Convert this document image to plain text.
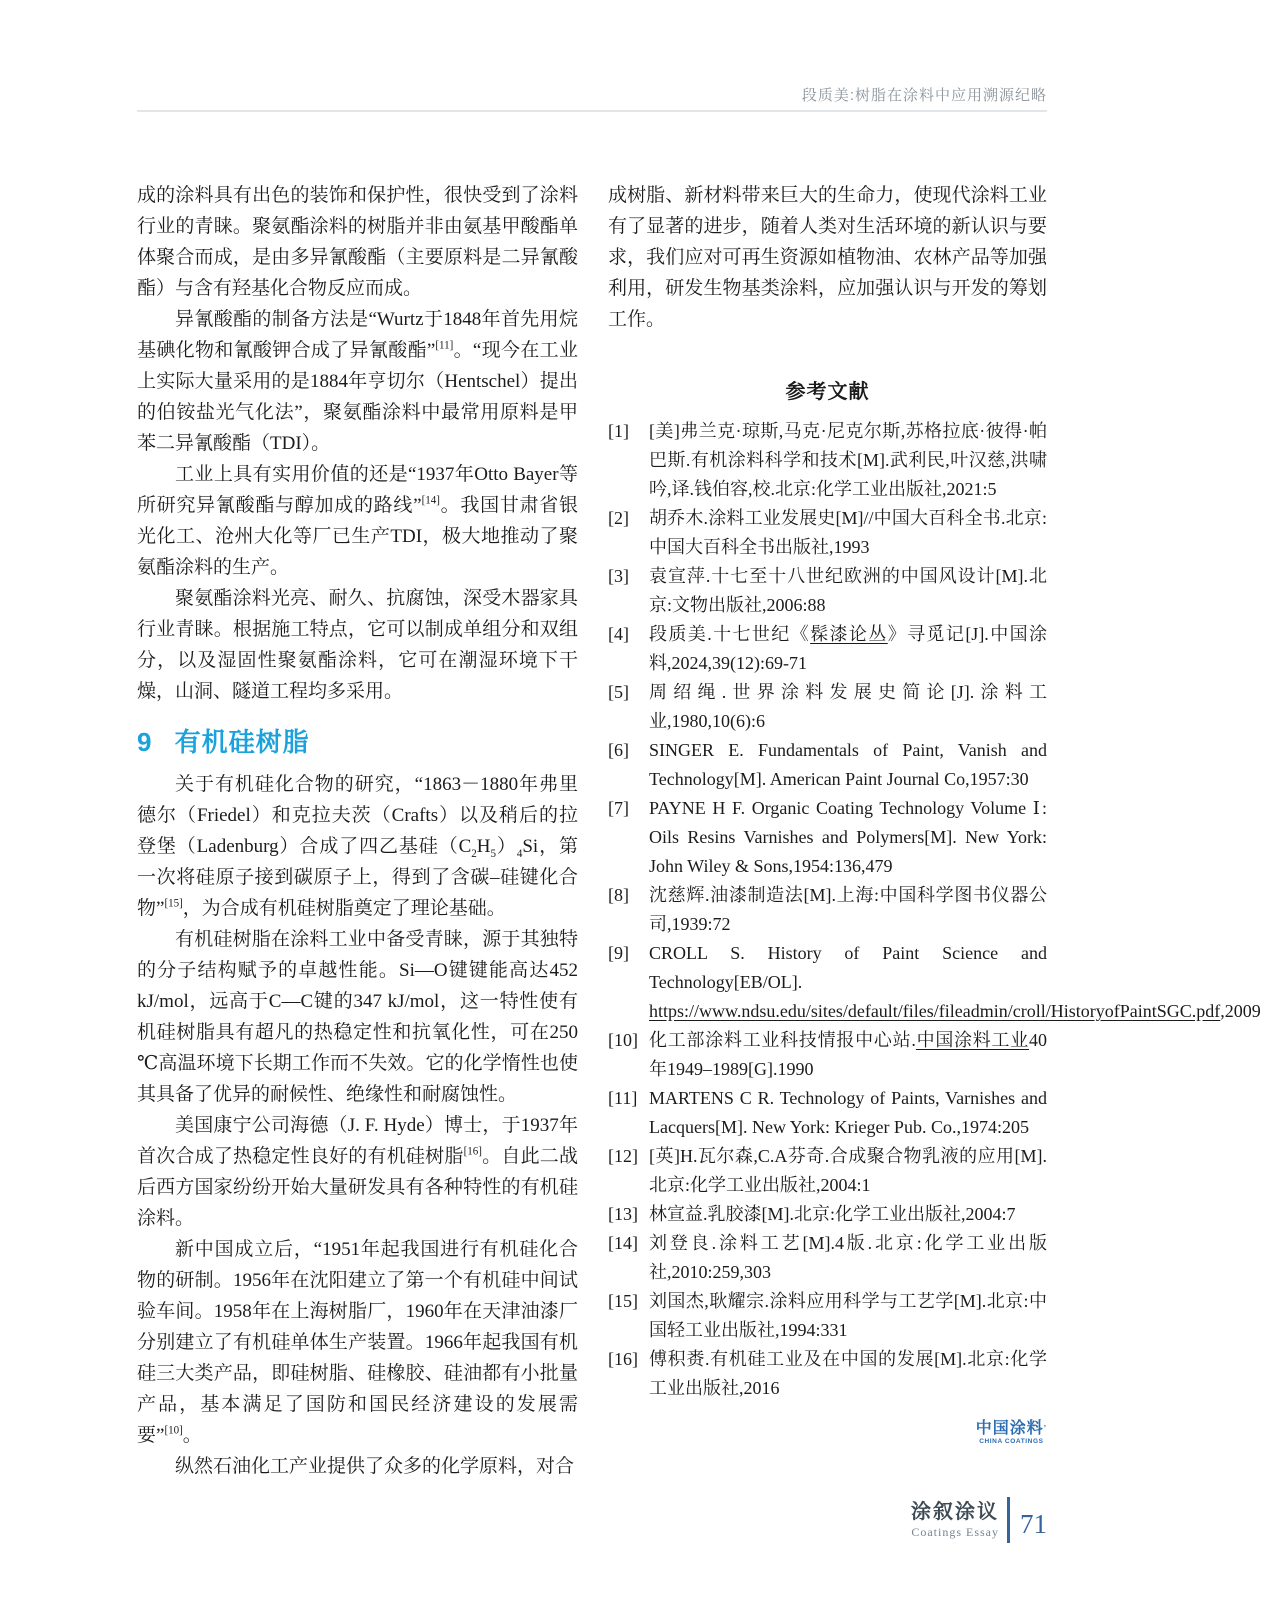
段质美:树脂在涂料中应用溯源纪略

成的涂料具有出色的装饰和保护性，很快受到了涂料行业的青睐。聚氨酯涂料的树脂并非由氨基甲酸酯单体聚合而成，是由多异氰酸酯（主要原料是二异氰酸酯）与含有羟基化合物反应而成。

异氰酸酯的制备方法是“Wurtz于1848年首先用烷基碘化物和氰酸钾合成了异氰酸酯”[11]。“现今在工业上实际大量采用的是1884年亨切尔（Hentschel）提出的伯铵盐光气化法”，聚氨酯涂料中最常用原料是甲苯二异氰酸酯（TDI）。

工业上具有实用价值的还是“1937年Otto Bayer等所研究异氰酸酯与醇加成的路线”[14]。我国甘肃省银光化工、沧州大化等厂已生产TDI，极大地推动了聚氨酯涂料的生产。

聚氨酯涂料光亮、耐久、抗腐蚀，深受木器家具行业青睐。根据施工特点，它可以制成单组分和双组分，以及湿固性聚氨酯涂料，它可在潮湿环境下干燥，山洞、隧道工程均多采用。

9 有机硅树脂

关于有机硅化合物的研究，“1863－1880年弗里德尔（Friedel）和克拉夫茨（Crafts）以及稍后的拉登堡（Ladenburg）合成了四乙基硅$(C_2H_5)_4Si$，第一次将硅原子接到碳原子上，得到了含碳–硅键化合物”[15]，为合成有机硅树脂奠定了理论基础。

有机硅树脂在涂料工业中备受青睐，源于其独特的分子结构赋予的卓越性能。Si—O键键能高达452 kJ/mol，远高于C—C键的347 kJ/mol，这一特性使有机硅树脂具有超凡的热稳定性和抗氧化性，可在250 ℃高温环境下长期工作而不失效。它的化学惰性也使其具备了优异的耐候性、绝缘性和耐腐蚀性。

美国康宁公司海德（J. F. Hyde）博士，于1937年首次合成了热稳定性良好的有机硅树脂[16]。自此二战后西方国家纷纷开始大量研发具有各种特性的有机硅涂料。

新中国成立后，“1951年起我国进行有机硅化合物的研制。1956年在沈阳建立了第一个有机硅中间试验车间。1958年在上海树脂厂，1960年在天津油漆厂分别建立了有机硅单体生产装置。1966年起我国有机硅三大类产品，即硅树脂、硅橡胶、硅油都有小批量产品，基本满足了国防和国民经济建设的发展需要”[10]。

纵然石油化工产业提供了众多的化学原料，对合

成树脂、新材料带来巨大的生命力，使现代涂料工业有了显著的进步，随着人类对生活环境的新认识与要求，我们应对可再生资源如植物油、农林产品等加强利用，研发生物基类涂料，应加强认识与开发的筹划工作。

参考文献
[1] [美]弗兰克·琼斯,马克·尼克尔斯,苏格拉底·彼得·帕巴斯.有机涂料科学和技术[M].武利民,叶汉慈,洪啸吟,译.钱伯容,校.北京:化学工业出版社,2021:5
[2] 胡乔木.涂料工业发展史[M]//中国大百科全书.北京:中国大百科全书出版社,1993
[3] 袁宣萍.十七至十八世纪欧洲的中国风设计[M].北京:文物出版社,2006:88
[4] 段质美.十七世纪《髹漆论丛》寻觅记[J].中国涂料,2024,39(12):69-71
[5] 周绍绳.世界涂料发展史简论[J].涂料工业,1980,10(6):6
[6] SINGER E. Fundamentals of Paint, Vanish and Technology[M]. American Paint Journal Co,1957:30
[7] PAYNE H F. Organic Coating Technology Volume Ⅰ: Oils Resins Varnishes and Polymers[M]. New York: John Wiley & Sons,1954:136,479
[8] 沈慈辉.油漆制造法[M].上海:中国科学图书仪器公司,1939:72
[9] CROLL S. History of Paint Science and Technology[EB/OL]. https://www.ndsu.edu/sites/default/files/fileadmin/croll/HistoryofPaintSGC.pdf,2009
[10] 化工部涂料工业科技情报中心站.中国涂料工业40年1949–1989[G].1990
[11] MARTENS C R. Technology of Paints, Varnishes and Lacquers[M]. New York: Krieger Pub. Co.,1974:205
[12] [英]H.瓦尔森,C.A芬奇.合成聚合物乳液的应用[M].北京:化学工业出版社,2004:1
[13] 林宣益.乳胶漆[M].北京:化学工业出版社,2004:7
[14] 刘登良.涂料工艺[M].4版.北京:化学工业出版社,2010:259,303
[15] 刘国杰,耿耀宗.涂料应用科学与工艺学[M].北京:中国轻工业出版社,1994:331
[16] 傅积赉.有机硅工业及在中国的发展[M].北京:化学工业出版社,2016
中国涂料’
CHINA COATINGS
涂叙涂议
Coatings Essay 71
